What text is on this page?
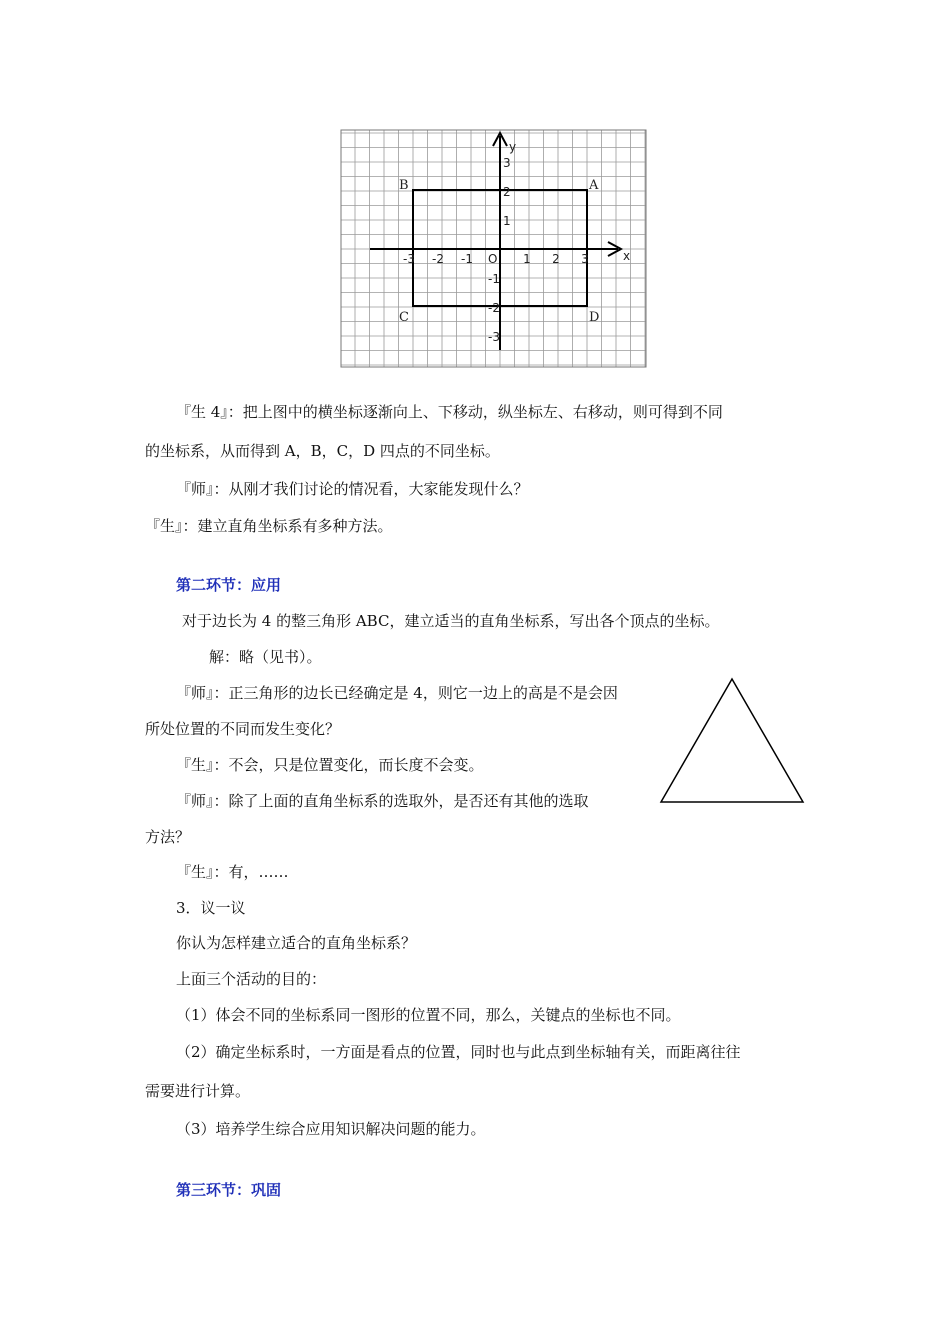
x
y
O
-3 -2 -1	1 2 3
3
2
1
-1
-2
-3
A
B
C	D

『生 4』：把上图中的横坐标逐渐向上、下移动，纵坐标左、右移动，则可得到不同

的坐标系，从而得到 A，B，C，D 四点的不同坐标。

『师』：从刚才我们讨论的情况看，大家能发现什么？

『生』：建立直角坐标系有多种方法。

第二环节：应用

对于边长为 4 的整三角形 ABC，建立适当的直角坐标系，写出各个顶点的坐标。

解：略（见书）。

『师』：正三角形的边长已经确定是 4，则它一边上的高是不是会因

所处位置的不同而发生变化？

『生』：不会，只是位置变化，而长度不会变。

『师』：除了上面的直角坐标系的选取外，是否还有其他的选取

方法？

『生』：有，……

3．议一议

你认为怎样建立适合的直角坐标系？

上面三个活动的目的：

（1）体会不同的坐标系同一图形的位置不同，那么，关键点的坐标也不同。

（2）确定坐标系时，一方面是看点的位置，同时也与此点到坐标轴有关，而距离往往

需要进行计算。

（3）培养学生综合应用知识解决问题的能力。

第三环节：巩固
